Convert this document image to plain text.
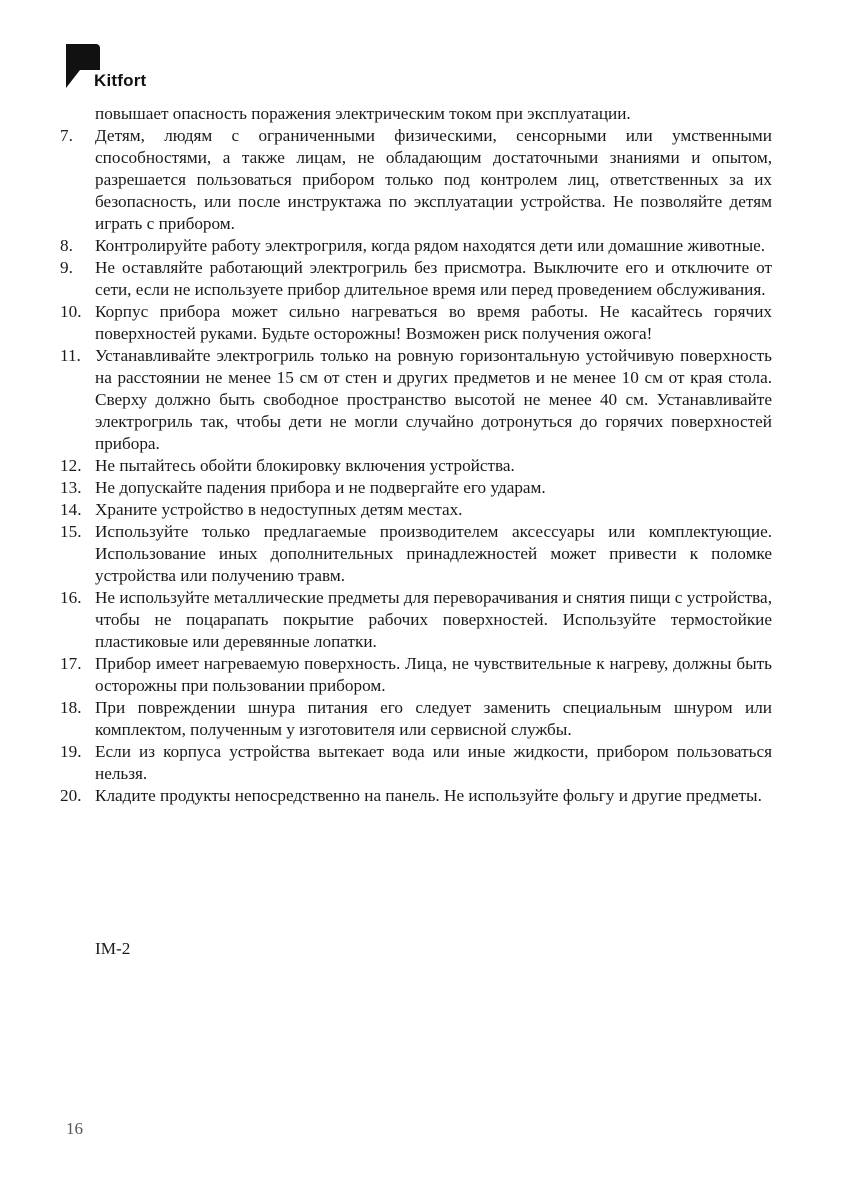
Kitfort
повышает опасность поражения электрическим током при эксплуатации.
7.	Детям, людям с ограниченными физическими, сенсорными или умственными способностями, а также лицам, не обладающим достаточными знаниями и опытом, разрешается пользоваться прибором только под контролем лиц, ответственных за их безопасность, или после инструктажа по эксплуатации устройства. Не позволяйте детям играть с прибором.
8.	Контролируйте работу электрогриля, когда рядом находятся дети или домашние животные.
9.	Не оставляйте работающий электрогриль без присмотра. Выключите его и отключите от сети, если не используете прибор длительное время или перед проведением обслуживания.
10. Корпус прибора может сильно нагреваться во время работы. Не касайтесь горячих поверхностей руками. Будьте осторожны! Возможен риск получения ожога!
11. Устанавливайте электрогриль только на ровную горизонтальную устойчивую поверхность на расстоянии не менее 15 см от стен и других предметов и не менее 10 см от края стола. Сверху должно быть свободное пространство высотой не менее 40 см. Устанавливайте электрогриль так, чтобы дети не могли случайно дотронуться до горячих поверхностей прибора.
12. Не пытайтесь обойти блокировку включения устройства.
13. Не допускайте падения прибора и не подвергайте его ударам.
14. Храните устройство в недоступных детям местах.
15. Используйте только предлагаемые производителем аксессуары или комплектующие. Использование иных дополнительных принадлежностей может привести к поломке устройства или получению травм.
16. Не используйте металлические предметы для переворачивания и снятия пищи с устройства, чтобы не поцарапать покрытие рабочих поверхностей. Используйте термостойкие пластиковые или деревянные лопатки.
17. Прибор имеет нагреваемую поверхность. Лица, не чувствительные к нагреву, должны быть осторожны при пользовании прибором.
18. При повреждении шнура питания его следует заменить специальным шнуром или комплектом, полученным у изготовителя или сервисной службы.
19. Если из корпуса устройства вытекает вода или иные жидкости, прибором пользоваться нельзя.
20. Кладите продукты непосредственно на панель. Не используйте фольгу и другие предметы.
IM-2
16
